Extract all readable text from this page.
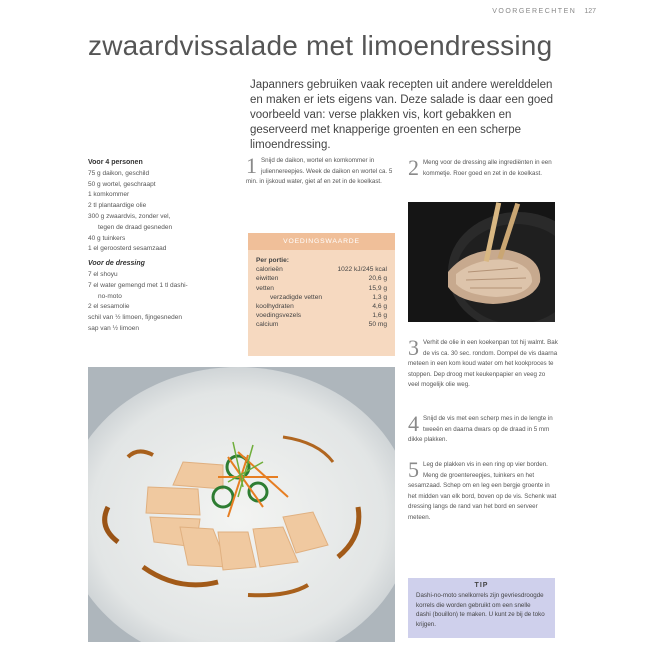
VOORGERECHTEN 127
zwaardvissalade met limoendressing

Japanners gebruiken vaak recepten uit andere werelddelen en maken er iets eigens van. Deze salade is daar een goed voorbeeld van: verse plakken vis, kort gebakken en geserveerd met knapperige groenten en een scherpe limoendressing.

Voor 4 personen
75 g daikon, geschild
50 g wortel, geschraapt
1 komkommer
2 tl plantaardige olie
300 g zwaardvis, zonder vel,
tegen de draad gesneden
40 g tuinkers
1 el geroosterd sesamzaad
Voor de dressing
7 el shoyu
7 el water gemengd met 1 tl dashi-
no-moto
2 el sesamolie
schil van ½ limoen, fijngesneden
sap van ½ limoen
1 Snijd de daikon, wortel en komkommer in juliennereepjes. Week de daikon en wortel ca. 5 min. in ijskoud water, giet af en zet in de koelkast.
2 Meng voor de dressing alle ingrediënten in een kommetje. Roer goed en zet in de koelkast.
VOEDINGSWAARDE
Per portie:
calorieën	1022 kJ/245 kcal
eiwitten	20,6 g
vetten	15,9 g
verzadigde vetten	1,3 g
koolhydraten	4,6 g
voedingsvezels	1,6 g
calcium	50 mg
3 Verhit de olie in een koekenpan tot hij walmt. Bak de vis ca. 30 sec. rondom. Dompel de vis daarna meteen in een kom koud water om het kookproces te stoppen. Dep droog met keukenpapier en veeg zo veel mogelijk olie weg.
4 Snijd de vis met een scherp mes in de lengte in tweeën en daarna dwars op de draad in 5 mm dikke plakken.
5 Leg de plakken vis in een ring op vier borden. Meng de groentereepjes, tuinkers en het sesamzaad. Schep om en leg een bergje groente in het midden van elk bord, boven op de vis. Schenk wat dressing langs de rand van het bord en serveer meteen.
TIP
Dashi-no-moto snelkorrels zijn gevriesdroogde korrels die worden gebruikt om een snelle dashi (bouillon) te maken. U kunt ze bij de toko krijgen.
